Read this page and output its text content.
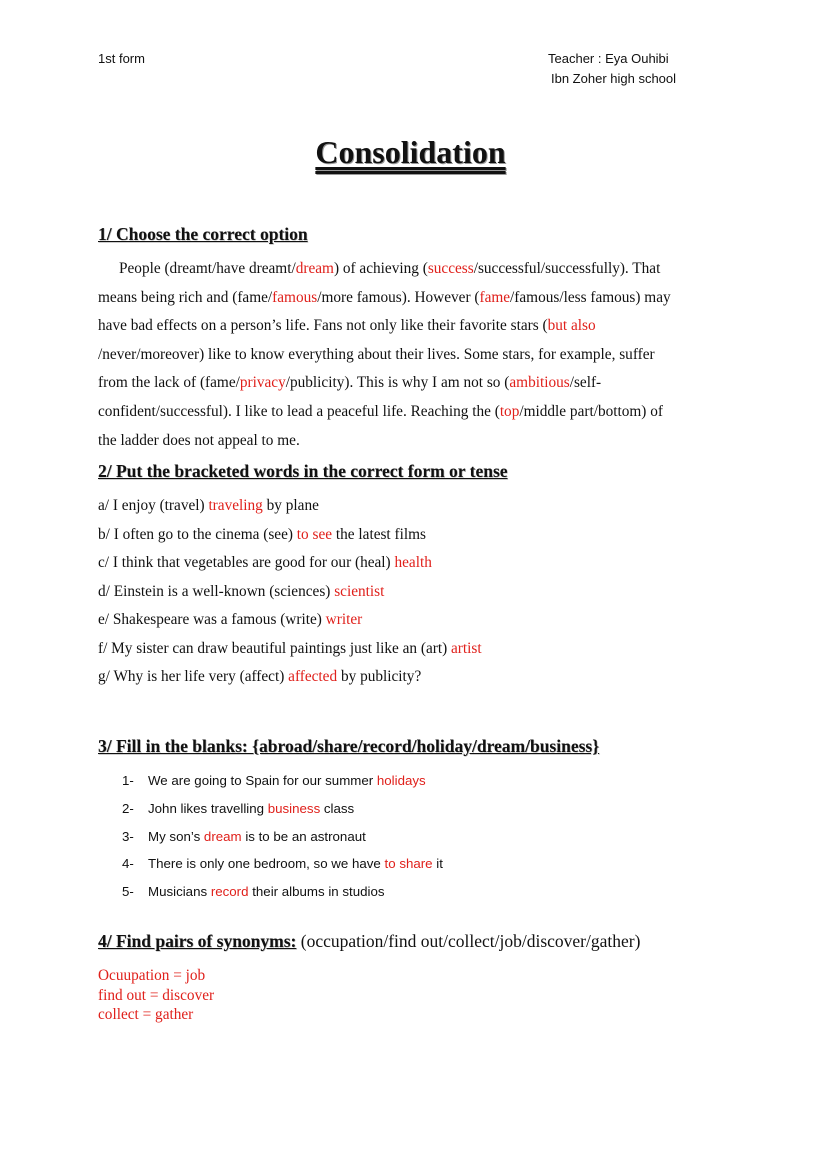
1st form	Teacher : Eya Ouhibi
Ibn Zoher high school
Consolidation
1/ Choose the correct option
People (dreamt/have dreamt/dream) of achieving (success/successful/successfully). That
means being rich and (fame/famous/more famous). However (fame/famous/less famous) may
have bad effects on a person’s life. Fans not only like their favorite stars (but also
/never/moreover) like to know everything about their lives. Some stars, for example, suffer
from the lack of (fame/privacy/publicity). This is why I am not so (ambitious/self-
confident/successful). I like to lead a peaceful life. Reaching the (top/middle part/bottom) of
the ladder does not appeal to me.
2/ Put the bracketed words in the correct form or tense
a/ I enjoy (travel) traveling by plane
b/ I often go to the cinema (see) to see the latest films
c/ I think that vegetables are good for our (heal) health
d/ Einstein is a well-known (sciences) scientist
e/ Shakespeare was a famous (write) writer
f/ My sister can draw beautiful paintings just like an (art) artist
g/ Why is her life very (affect) affected by publicity?
3/ Fill in the blanks: {abroad/share/record/holiday/dream/business}
1- We are going to Spain for our summer holidays
2- John likes travelling business class
3- My son’s dream is to be an astronaut
4- There is only one bedroom, so we have to share it
5- Musicians record their albums in studios
4/ Find pairs of synonyms: (occupation/find out/collect/job/discover/gather)
Ocuupation = job
find out = discover
collect = gather
